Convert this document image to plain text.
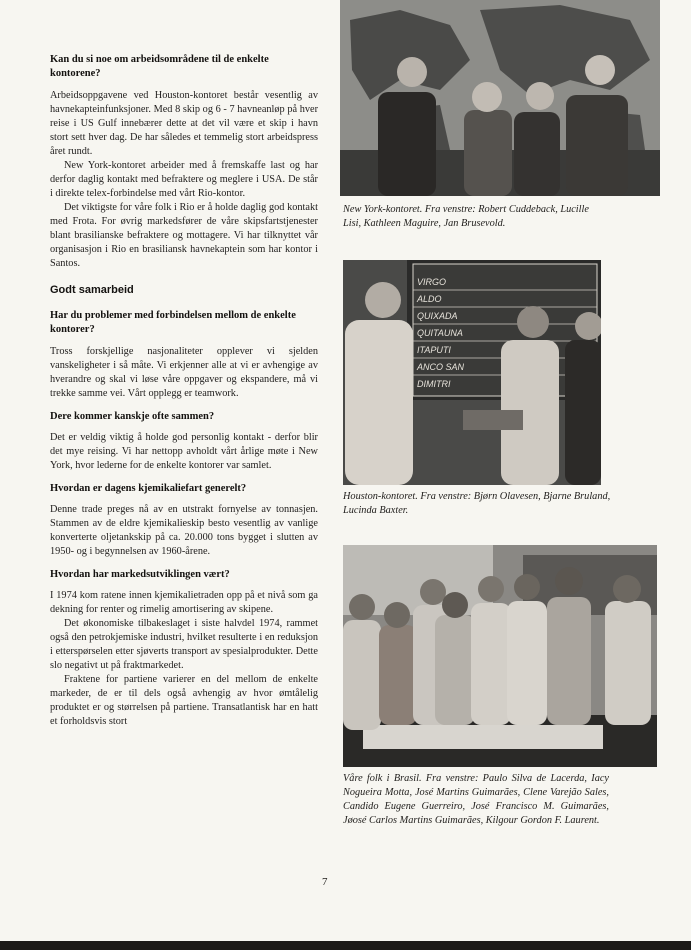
Kan du si noe om arbeidsområdene til de enkelte kontorene?

Arbeidsoppgavene ved Houston-kontoret består vesentlig av havnekapteinfunksjoner. Med 8 skip og 6 - 7 havneanløp på hver reise i US Gulf innebærer dette at det vil være et skip i havn stort sett hver dag. De har således et temmelig stort arbeidspress året rundt.

New York-kontoret arbeider med å fremskaffe last og har derfor daglig kontakt med befraktere og meglere i USA. De står i direkte telex-forbindelse med vårt Rio-kontor.

Det viktigste for våre folk i Rio er å holde daglig god kontakt med Frota. For øvrig markedsfører de våre skipsfartstjenester blant brasilianske befraktere og mottagere. Vi har tilknyttet vår organisasjon i Rio en brasiliansk havnekaptein som har kontor i Santos.

Godt samarbeid

Har du problemer med forbindelsen mellom de enkelte kontorer?

Tross forskjellige nasjonaliteter opplever vi sjelden vanskeligheter i så måte. Vi erkjenner alle at vi er avhengige av hverandre og skal vi løse våre oppgaver og ekspandere, må vi trekke samme vei. Vårt opplegg er teamwork.

Dere kommer kanskje ofte sammen?

Det er veldig viktig å holde god personlig kontakt - derfor blir det mye reising. Vi har nettopp avholdt vårt årlige møte i New York, hvor lederne for de enkelte kontorer var samlet.

Hvordan er dagens kjemikaliefart generelt?

Denne trade preges nå av en utstrakt fornyelse av tonnasjen. Stammen av de eldre kjemikalieskip besto vesentlig av vanlige konverterte oljetankskip på ca. 20.000 tons bygget i slutten av 1950- og i begynnelsen av 1960-årene.

Hvordan har markedsutviklingen vært?

I 1974 kom ratene innen kjemikalietraden opp på et nivå som ga dekning for renter og rimelig amortisering av skipene.

Det økonomiske tilbakeslaget i siste halvdel 1974, rammet også den petrokjemiske industri, hvilket resulterte i en reduksjon i etterspørselen etter sjøverts transport av spesialprodukter. Dette slo negativt ut på fraktmarkedet.

Fraktene for partiene varierer en del mellom de enkelte markeder, de er til dels også avhengig av hvor ømtålelig produktet er og størrelsen på partiene. Transatlantisk har en hatt et forholdsvis stort

New York-kontoret. Fra venstre: Robert Cuddeback, Lucille Lisi, Kathleen Maguire, Jan Brusevold.

VIRGO
ALDO
QUIXADA
QUITAUNA
ITAPUTI
ANCO SAN
DIMITRI

Houston-kontoret. Fra venstre: Bjørn Olavesen, Bjarne Bruland, Lucinda Baxter.

Våre folk i Brasil. Fra venstre: Paulo Silva de Lacerda, Iacy Nogueira Motta, José Martins Guimarães, Clene Varejão Sales, Candido Eugene Guerreiro, José Francisco M. Guimarães, Jøosé Carlos Martins Guimarães, Kilgour Gordon F. Laurent.

7
